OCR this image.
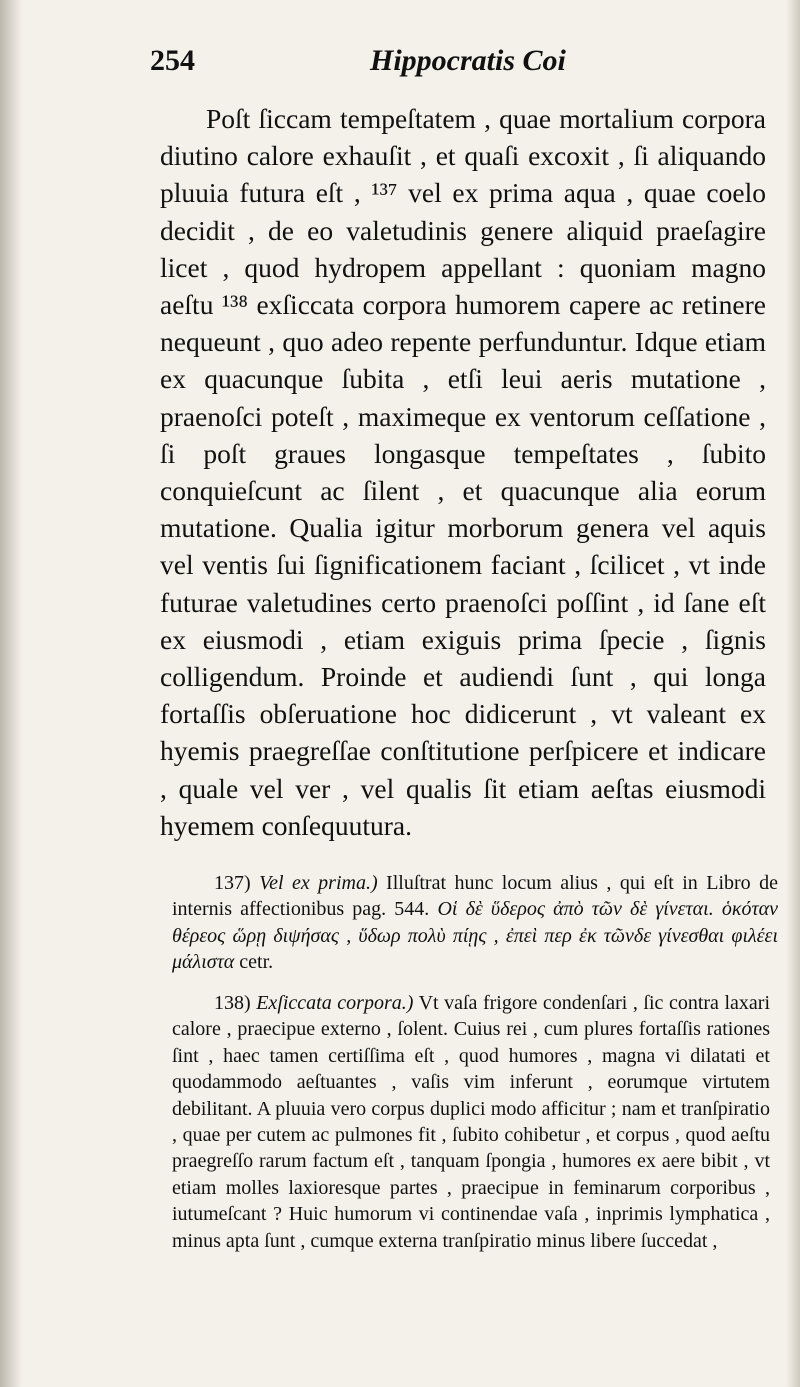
254	Hippocratis Coi

Poſt ſiccam tempeſtatem , quae mortalium corpora diutino calore exhauſit , et quaſi excoxit , ſi aliquando pluuia futura eſt , ¹³⁷ vel ex prima aqua , quae coelo decidit , de eo valetudinis genere aliquid praeſagire licet , quod hydropem appellant : quoniam magno aeſtu ¹³⁸ exſiccata corpora humorem capere ac retinere nequeunt , quo adeo repente perfunduntur. Idque etiam ex quacunque ſubita , etſi leui aeris mutatione , praenoſci poteſt , maximeque ex ventorum ceſſatione , ſi poſt graues longasque tempeſtates , ſubito conquieſcunt ac ſilent , et quacunque alia eorum mutatione. Qualia igitur morborum genera vel aquis vel ventis ſui ſignificationem faciant , ſcilicet , vt inde futurae valetudines certo praenoſci poſſint , id ſane eſt ex eiusmodi , etiam exiguis prima ſpecie , ſignis colligendum. Proinde et audiendi ſunt , qui longa fortaſſis obſeruatione hoc didicerunt , vt valeant ex hyemis praegreſſae conſtitutione perſpicere et indicare , quale vel ver , vel qualis ſit etiam aeſtas eiusmodi hyemem conſequutura.

137) Vel ex prima.) Illuſtrat hunc locum alius , qui eſt in Libro de internis affectionibus pag. 544. Oἱ δὲ ὕδερος ἀπὸ τῶν δὲ γίνεται. ὁκόταν θέρεος ὥρῃ διψήσας , ὕδωρ πολὺ πίῃς , ἐπεὶ περ ἐκ τῶνδε γίνεσθαι φιλέει μάλιστα cetr.

138) Exſiccata corpora.) Vt vaſa frigore condenſari , ſic contra laxari calore , praecipue externo , ſolent. Cuius rei , cum plures fortaſſis rationes ſint , haec tamen certiſſima eſt , quod humores , magna vi dilatati et quodammodo aeſtuantes , vaſis vim inferunt , eorumque virtutem debilitant. A pluuia vero corpus duplici modo afficitur ; nam et tranſpiratio , quae per cutem ac pulmones fit , ſubito cohibetur , et corpus , quod aeſtu praegreſſo rarum factum eſt , tanquam ſpongia , humores ex aere bibit , vt etiam molles laxioresque partes , praecipue in feminarum corporibus , iutumeſcant ? Huic humorum vi continendae vaſa , inprimis lymphatica , minus apta ſunt , cumque externa tranſpiratio minus libere ſuccedat ,
